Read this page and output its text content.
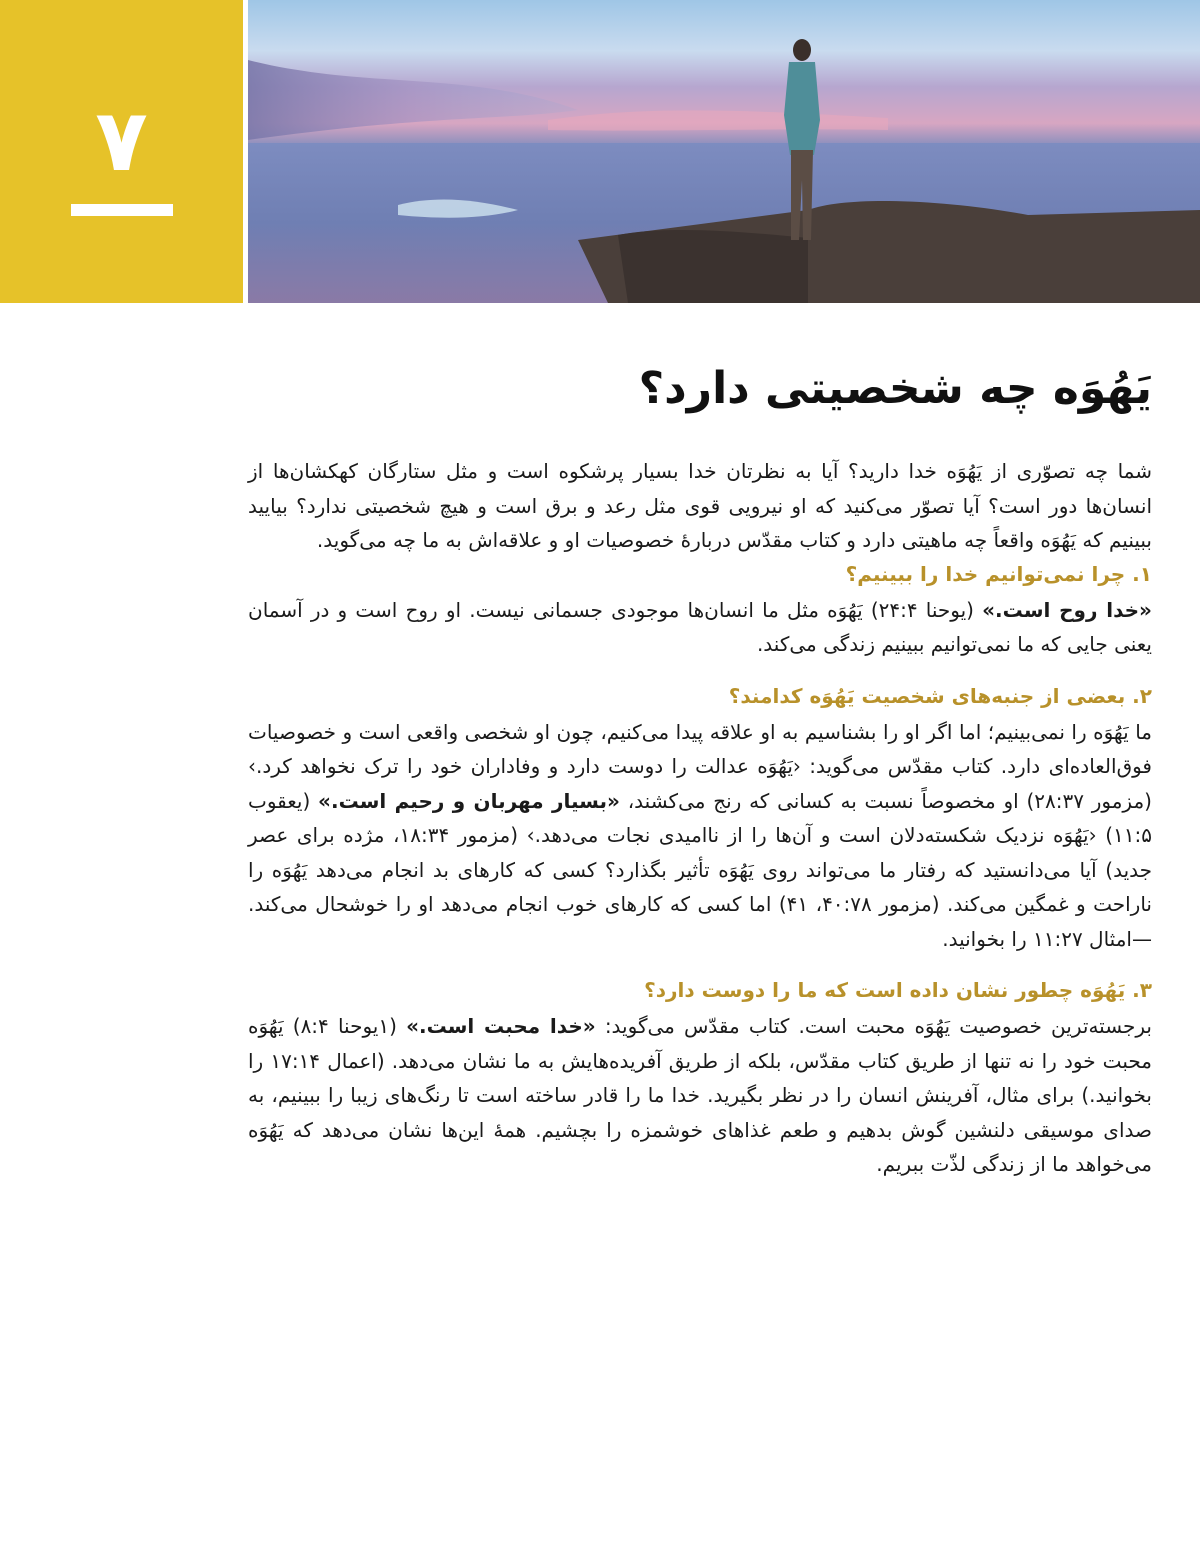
۷
یَهُوَه چه شخصیتی دارد؟

شما چه تصوّری از یَهُوَه خدا دارید؟ آیا به نظرتان خدا بسیار پرشکوه است و مثل ستارگان کهکشان‌ها از انسان‌ها دور است؟ آیا تصوّر می‌کنید که او نیرویی قوی مثل رعد و برق است و هیچ شخصیتی ندارد؟ بیایید ببینیم که یَهُوَه واقعاً چه ماهیتی دارد و کتاب مقدّس دربارهٔ خصوصیات او و علاقه‌اش به ما چه می‌گوید.

۱. چرا نمی‌توانیم خدا را ببینیم؟

«خدا روح است.» (یوحنا ۲۴:۴) یَهُوَه مثل ما انسان‌ها موجودی جسمانی نیست. او روح است و در آسمان یعنی جایی که ما نمی‌توانیم ببینیم زندگی می‌کند.

۲. بعضی از جنبه‌های شخصیت یَهُوَه کدامند؟

ما یَهُوَه را نمی‌بینیم؛ اما اگر او را بشناسیم به او علاقه پیدا می‌کنیم، چون او شخصی واقعی است و خصوصیات فوق‌العاده‌ای دارد. کتاب مقدّس می‌گوید: ‹یَهُوَه عدالت را دوست دارد و وفاداران خود را ترک نخواهد کرد.› (مزمور ۲۸:۳۷) او مخصوصاً نسبت به کسانی که رنج می‌کشند، «بسیار مهربان و رحیم است.» (یعقوب ۱۱:۵) ‹یَهُوَه نزدیک شکسته‌دلان است و آن‌ها را از ناامیدی نجات می‌دهد.› (مزمور ۱۸:۳۴، مژده برای عصر جدید) آیا می‌دانستید که رفتار ما می‌تواند روی یَهُوَه تأثیر بگذارد؟ کسی که کارهای بد انجام می‌دهد یَهُوَه را ناراحت و غمگین می‌کند. (مزمور ۴۰:۷۸، ۴۱) اما کسی که کارهای خوب انجام می‌دهد او را خوشحال می‌کند.—امثال ۱۱:۲۷ را بخوانید.

۳. یَهُوَه چطور نشان داده است که ما را دوست دارد؟

برجسته‌ترین خصوصیت یَهُوَه محبت است. کتاب مقدّس می‌گوید: «خدا محبت است.» (۱یوحنا ۸:۴) یَهُوَه محبت خود را نه تنها از طریق کتاب مقدّس، بلکه از طریق آفریده‌هایش به ما نشان می‌دهد. (اعمال ۱۷:۱۴ را بخوانید.) برای مثال، آفرینش انسان را در نظر بگیرید. خدا ما را قادر ساخته است تا رنگ‌های زیبا را ببینیم، به صدای موسیقی دلنشین گوش بدهیم و طعم غذاهای خوشمزه را بچشیم. همهٔ این‌ها نشان می‌دهد که یَهُوَه می‌خواهد ما از زندگی لذّت ببریم.
